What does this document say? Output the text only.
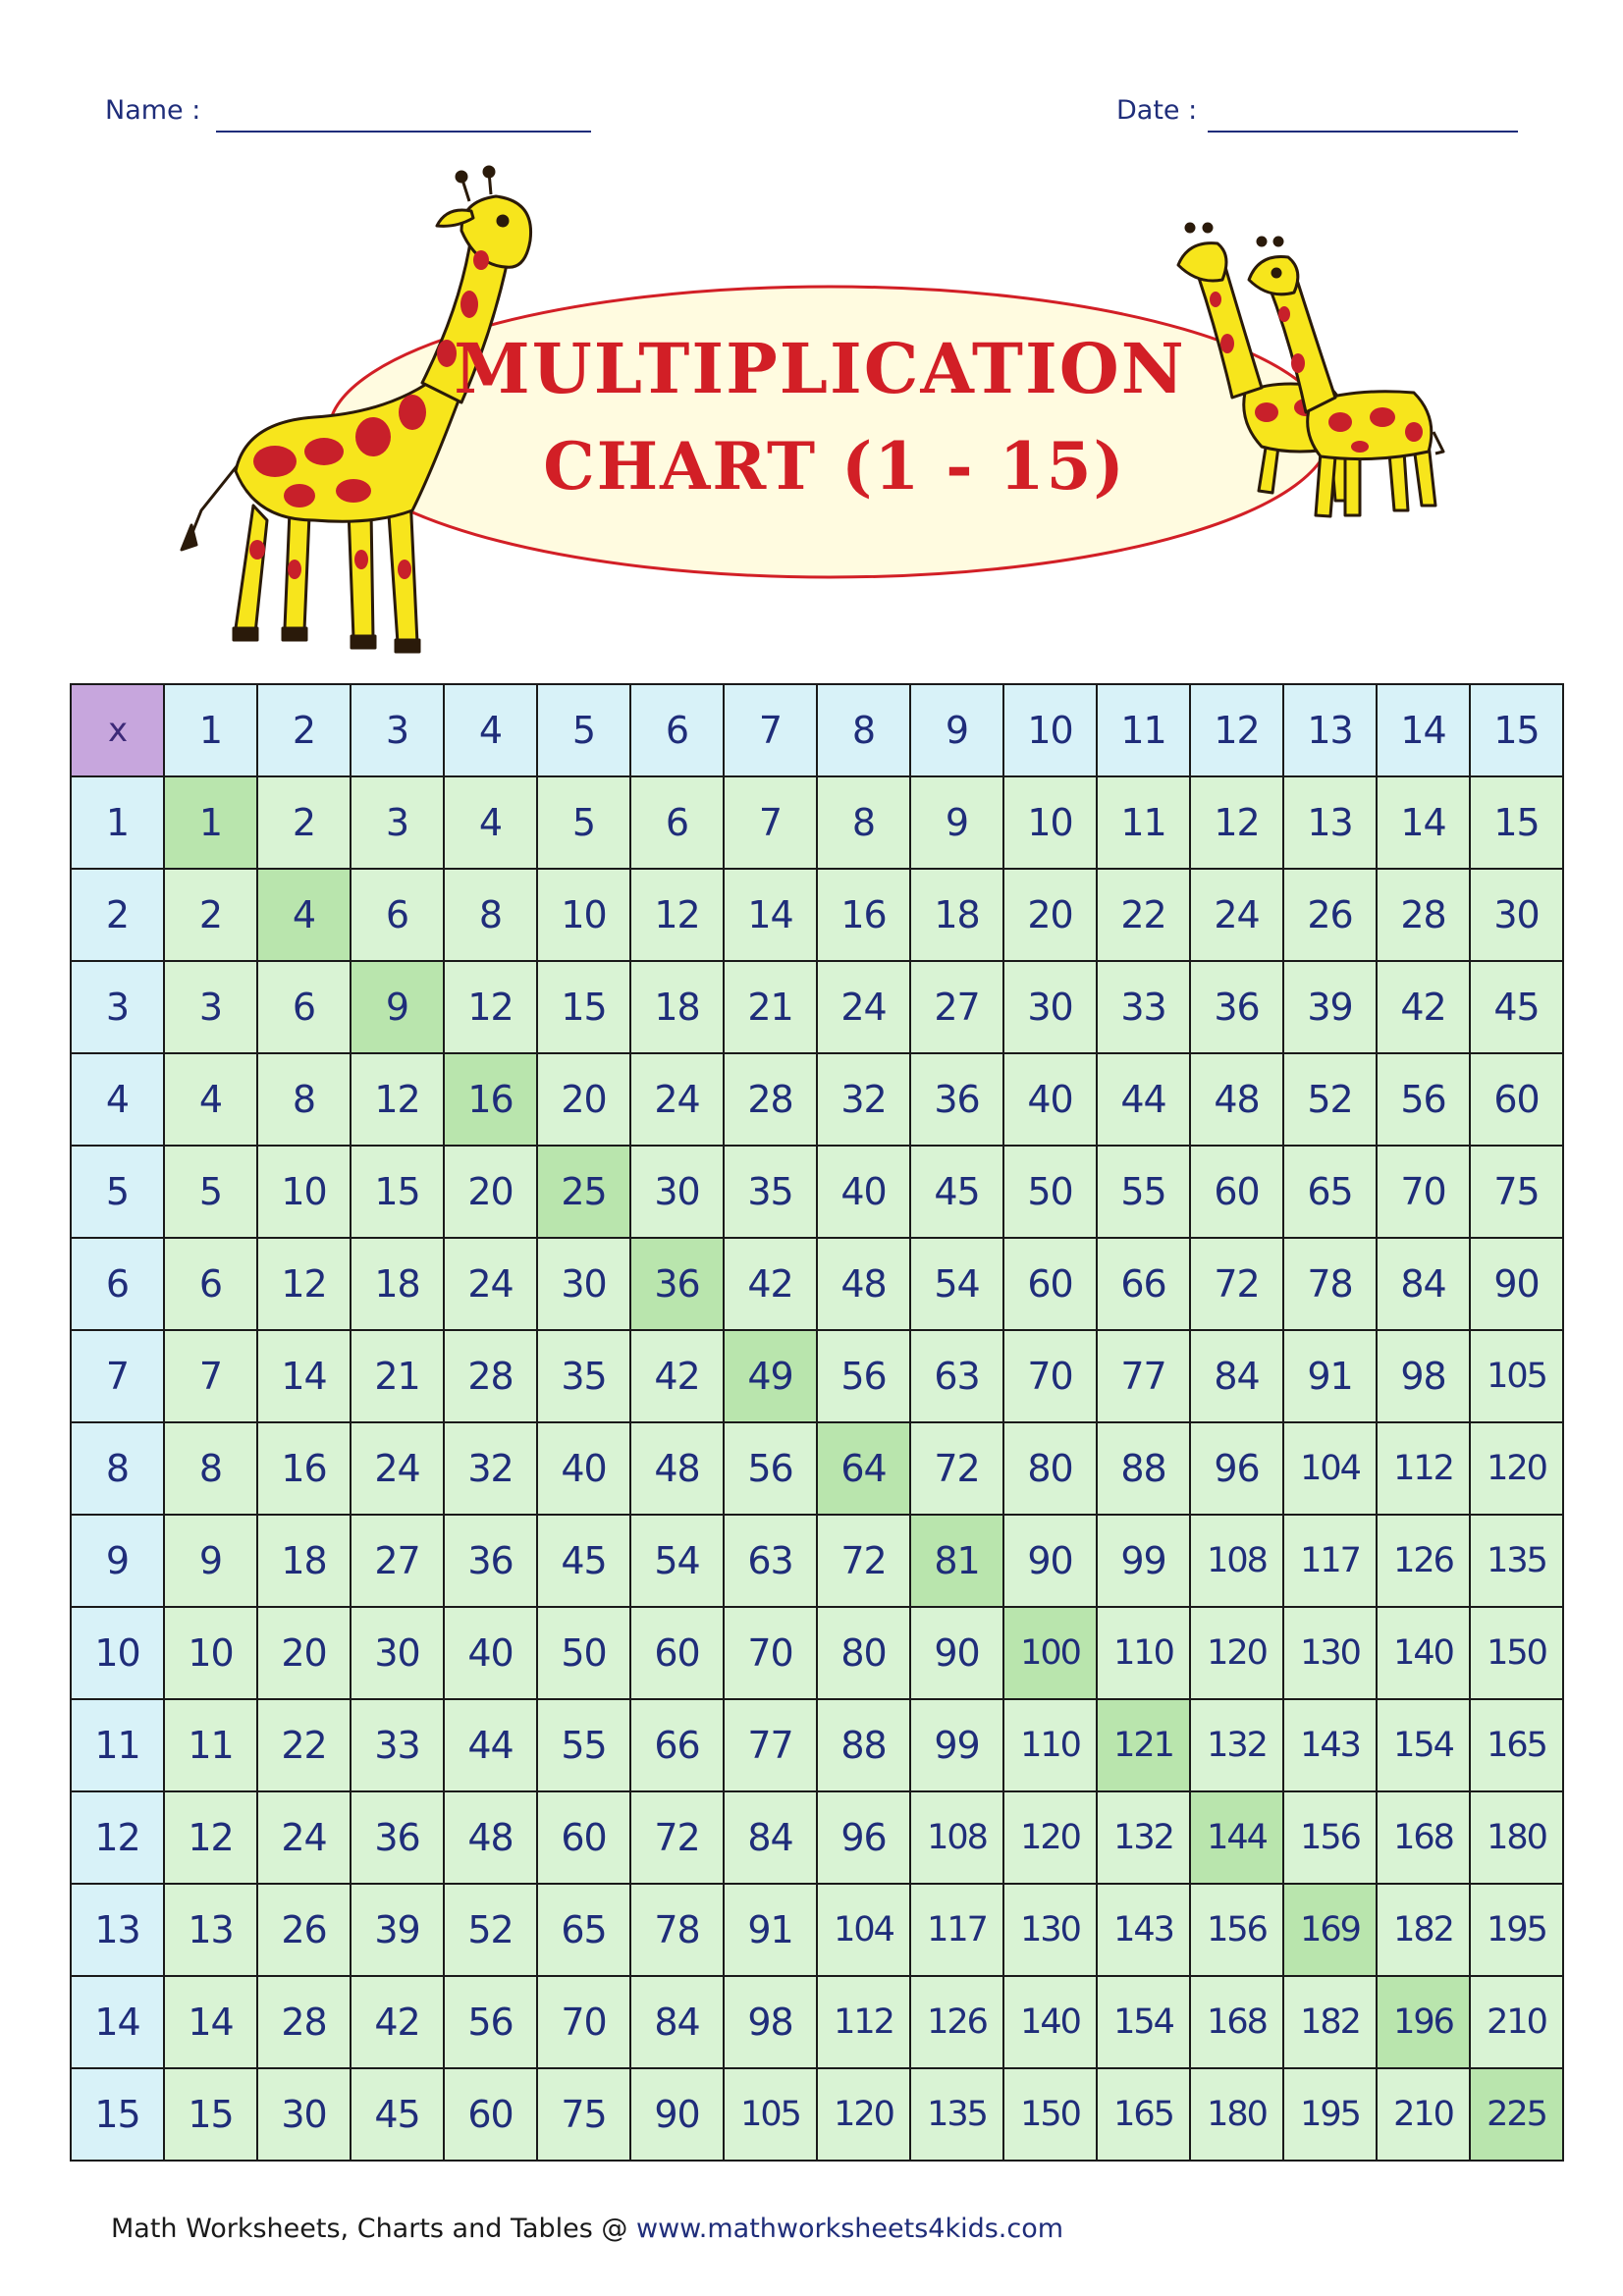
Name :	Date :
MULTIPLICATION
CHART (1 - 15)
x	1	2	3	4	5	6	7	8	9	10	11	12	13	14	15
1	1	2	3	4	5	6	7	8	9	10	11	12	13	14	15
2	2	4	6	8	10	12	14	16	18	20	22	24	26	28	30
3	3	6	9	12	15	18	21	24	27	30	33	36	39	42	45
4	4	8	12	16	20	24	28	32	36	40	44	48	52	56	60
5	5	10	15	20	25	30	35	40	45	50	55	60	65	70	75
6	6	12	18	24	30	36	42	48	54	60	66	72	78	84	90
7	7	14	21	28	35	42	49	56	63	70	77	84	91	98	105
8	8	16	24	32	40	48	56	64	72	80	88	96	104	112	120
9	9	18	27	36	45	54	63	72	81	90	99	108	117	126	135
10	10	20	30	40	50	60	70	80	90	100	110	120	130	140	150
11	11	22	33	44	55	66	77	88	99	110	121	132	143	154	165
12	12	24	36	48	60	72	84	96	108	120	132	144	156	168	180
13	13	26	39	52	65	78	91	104	117	130	143	156	169	182	195
14	14	28	42	56	70	84	98	112	126	140	154	168	182	196	210
15	15	30	45	60	75	90	105	120	135	150	165	180	195	210	225
Math Worksheets, Charts and Tables @ www.mathworksheets4kids.com
